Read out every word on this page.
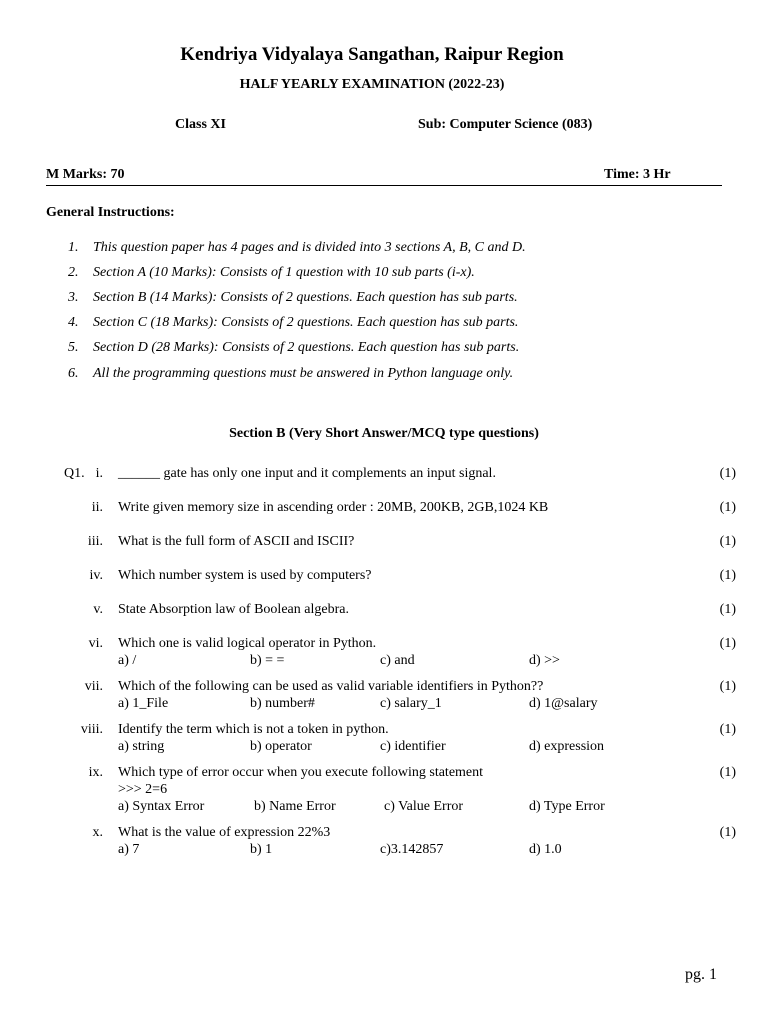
Kendriya Vidyalaya Sangathan, Raipur Region
HALF YEARLY EXAMINATION (2022-23)
Class XI	Sub: Computer Science (083)
M Marks: 70	Time: 3 Hr
General Instructions:
1. This question paper has 4 pages and is divided into 3 sections A, B, C and D.
2. Section A (10 Marks): Consists of 1 question with 10 sub parts (i-x).
3. Section B (14 Marks): Consists of 2 questions. Each question has sub parts.
4. Section C (18 Marks): Consists of 2 questions. Each question has sub parts.
5. Section D (28 Marks): Consists of 2 questions. Each question has sub parts.
6. All the programming questions must be answered in Python language only.
Section B (Very Short Answer/MCQ type questions)
Q1. i. ______ gate has only one input and it complements an input signal.	(1)
ii. Write given memory size in ascending order : 20MB, 200KB, 2GB,1024 KB	(1)
iii. What is the full form of ASCII and ISCII?	(1)
iv. Which number system is used by computers?	(1)
v. State Absorption law of Boolean algebra.	(1)
vi. Which one is valid logical operator in Python.	(1)
a) /	b) = =	c) and	d) >>
vii. Which of the following can be used as valid variable identifiers in Python??	(1)
a) 1_File	b) number#	c) salary_1	d) 1@salary
viii. Identify the term which is not a token in python.	(1)
a) string	b) operator	c) identifier	d) expression
ix. Which type of error occur when you execute following statement	(1)
>>> 2=6
a) Syntax Error	b) Name Error	c) Value Error	d) Type Error
x. What is the value of expression 22%3	(1)
a) 7	b) 1	c)3.142857	d) 1.0
pg. 1
